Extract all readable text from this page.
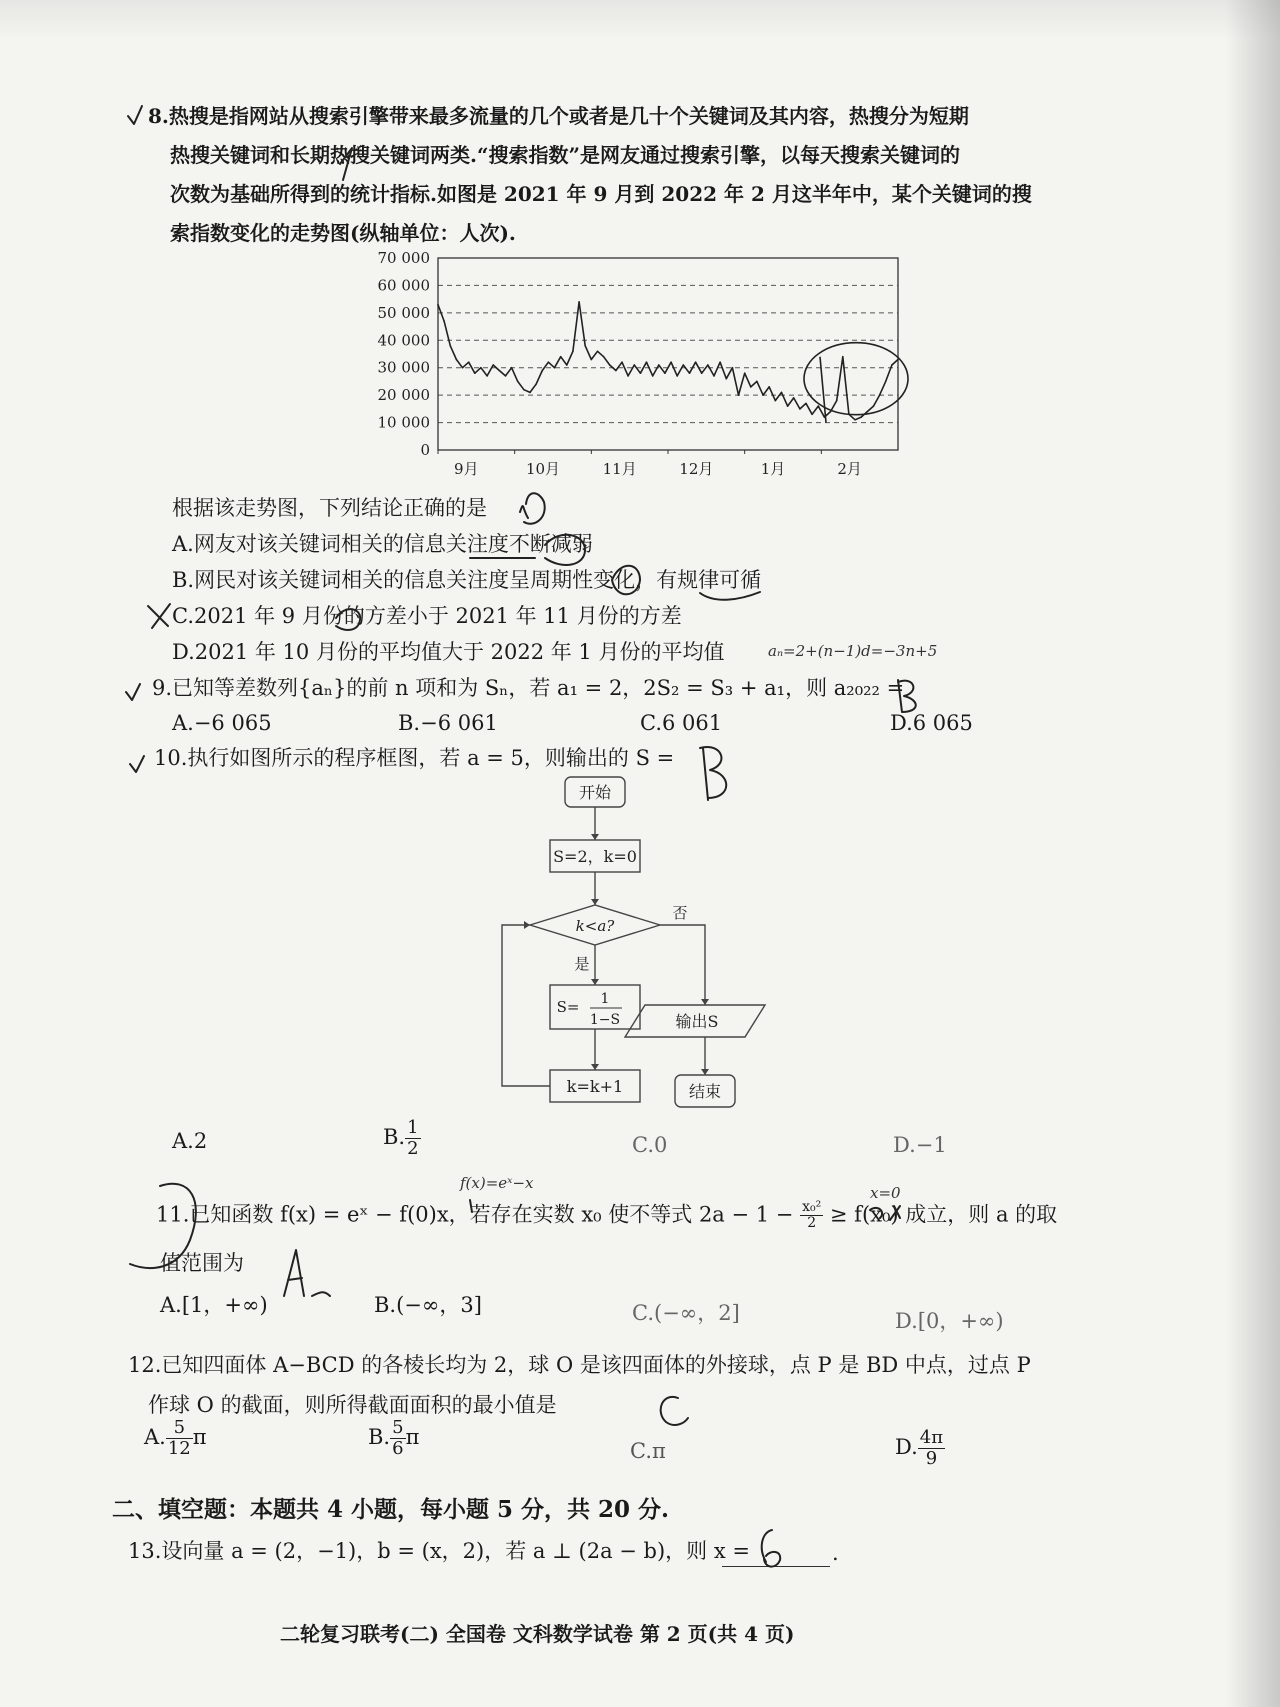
8.热搜是指网站从搜索引擎带来最多流量的几个或者是几十个关键词及其内容，热搜分为短期
热搜关键词和长期热搜关键词两类.“搜索指数”是网友通过搜索引擎，以每天搜索关键词的
次数为基础所得到的统计指标.如图是 2021 年 9 月到 2022 年 2 月这半年中，某个关键词的搜
索指数变化的走势图(纵轴单位：人次).
70 000
60 000
50 000
40 000
30 000
20 000
10 000
0
9月	10月	11月	12月	1月	2月
根据该走势图，下列结论正确的是
A.网友对该关键词相关的信息关注度不断减弱
B.网民对该关键词相关的信息关注度呈周期性变化，有规律可循
C.2021 年 9 月份的方差小于 2021 年 11 月份的方差
D.2021 年 10 月份的平均值大于 2022 年 1 月份的平均值
9.已知等差数列{aₙ}的前 n 项和为 Sₙ，若 a₁ = 2，2S₂ = S₃ + a₁，则 a₂₀₂₂ =
A.−6 065	B.−6 061	C.6 061	D.6 065
10.执行如图所示的程序框图，若 a = 5，则输出的 S =
开始
S=2，k=0
k<a?
否
是
S= 1
1−S
k=k+1
输出S
结束
A.2	B. $\frac{1}{2}$	C.0	D.−1
11.已知函数 f(x) = eˣ − f(0)x，若存在实数 x₀ 使不等式 $2a - 1 - \frac{\text{x₀²}}{2} \ge f(x_0)$ 成立，则 a 的取
值范围为
A.[1，+∞)	B.(−∞，3]	C.(−∞，2]	D.[0，+∞)
12.已知四面体 A−BCD 的各棱长均为 2，球 O 是该四面体的外接球，点 P 是 BD 中点，过点 P
作球 O 的截面，则所得截面面积的最小值是
A. $\frac{5}{12}$ π	B. $\frac{5}{6}$ π
C.π	D. $\frac{4\pi}{9}$
二、填空题：本题共 4 小题，每小题 5 分，共 20 分.
13.设向量 a = (2，−1)，b = (x，2)，若 a ⊥ (2a − b)，则 x =	.
二轮复习联考(二) 全国卷 文科数学试卷 第 2 页(共 4 页)
aₙ=2+(n−1)d=−3n+5
f(x)=eˣ−x
x=0
